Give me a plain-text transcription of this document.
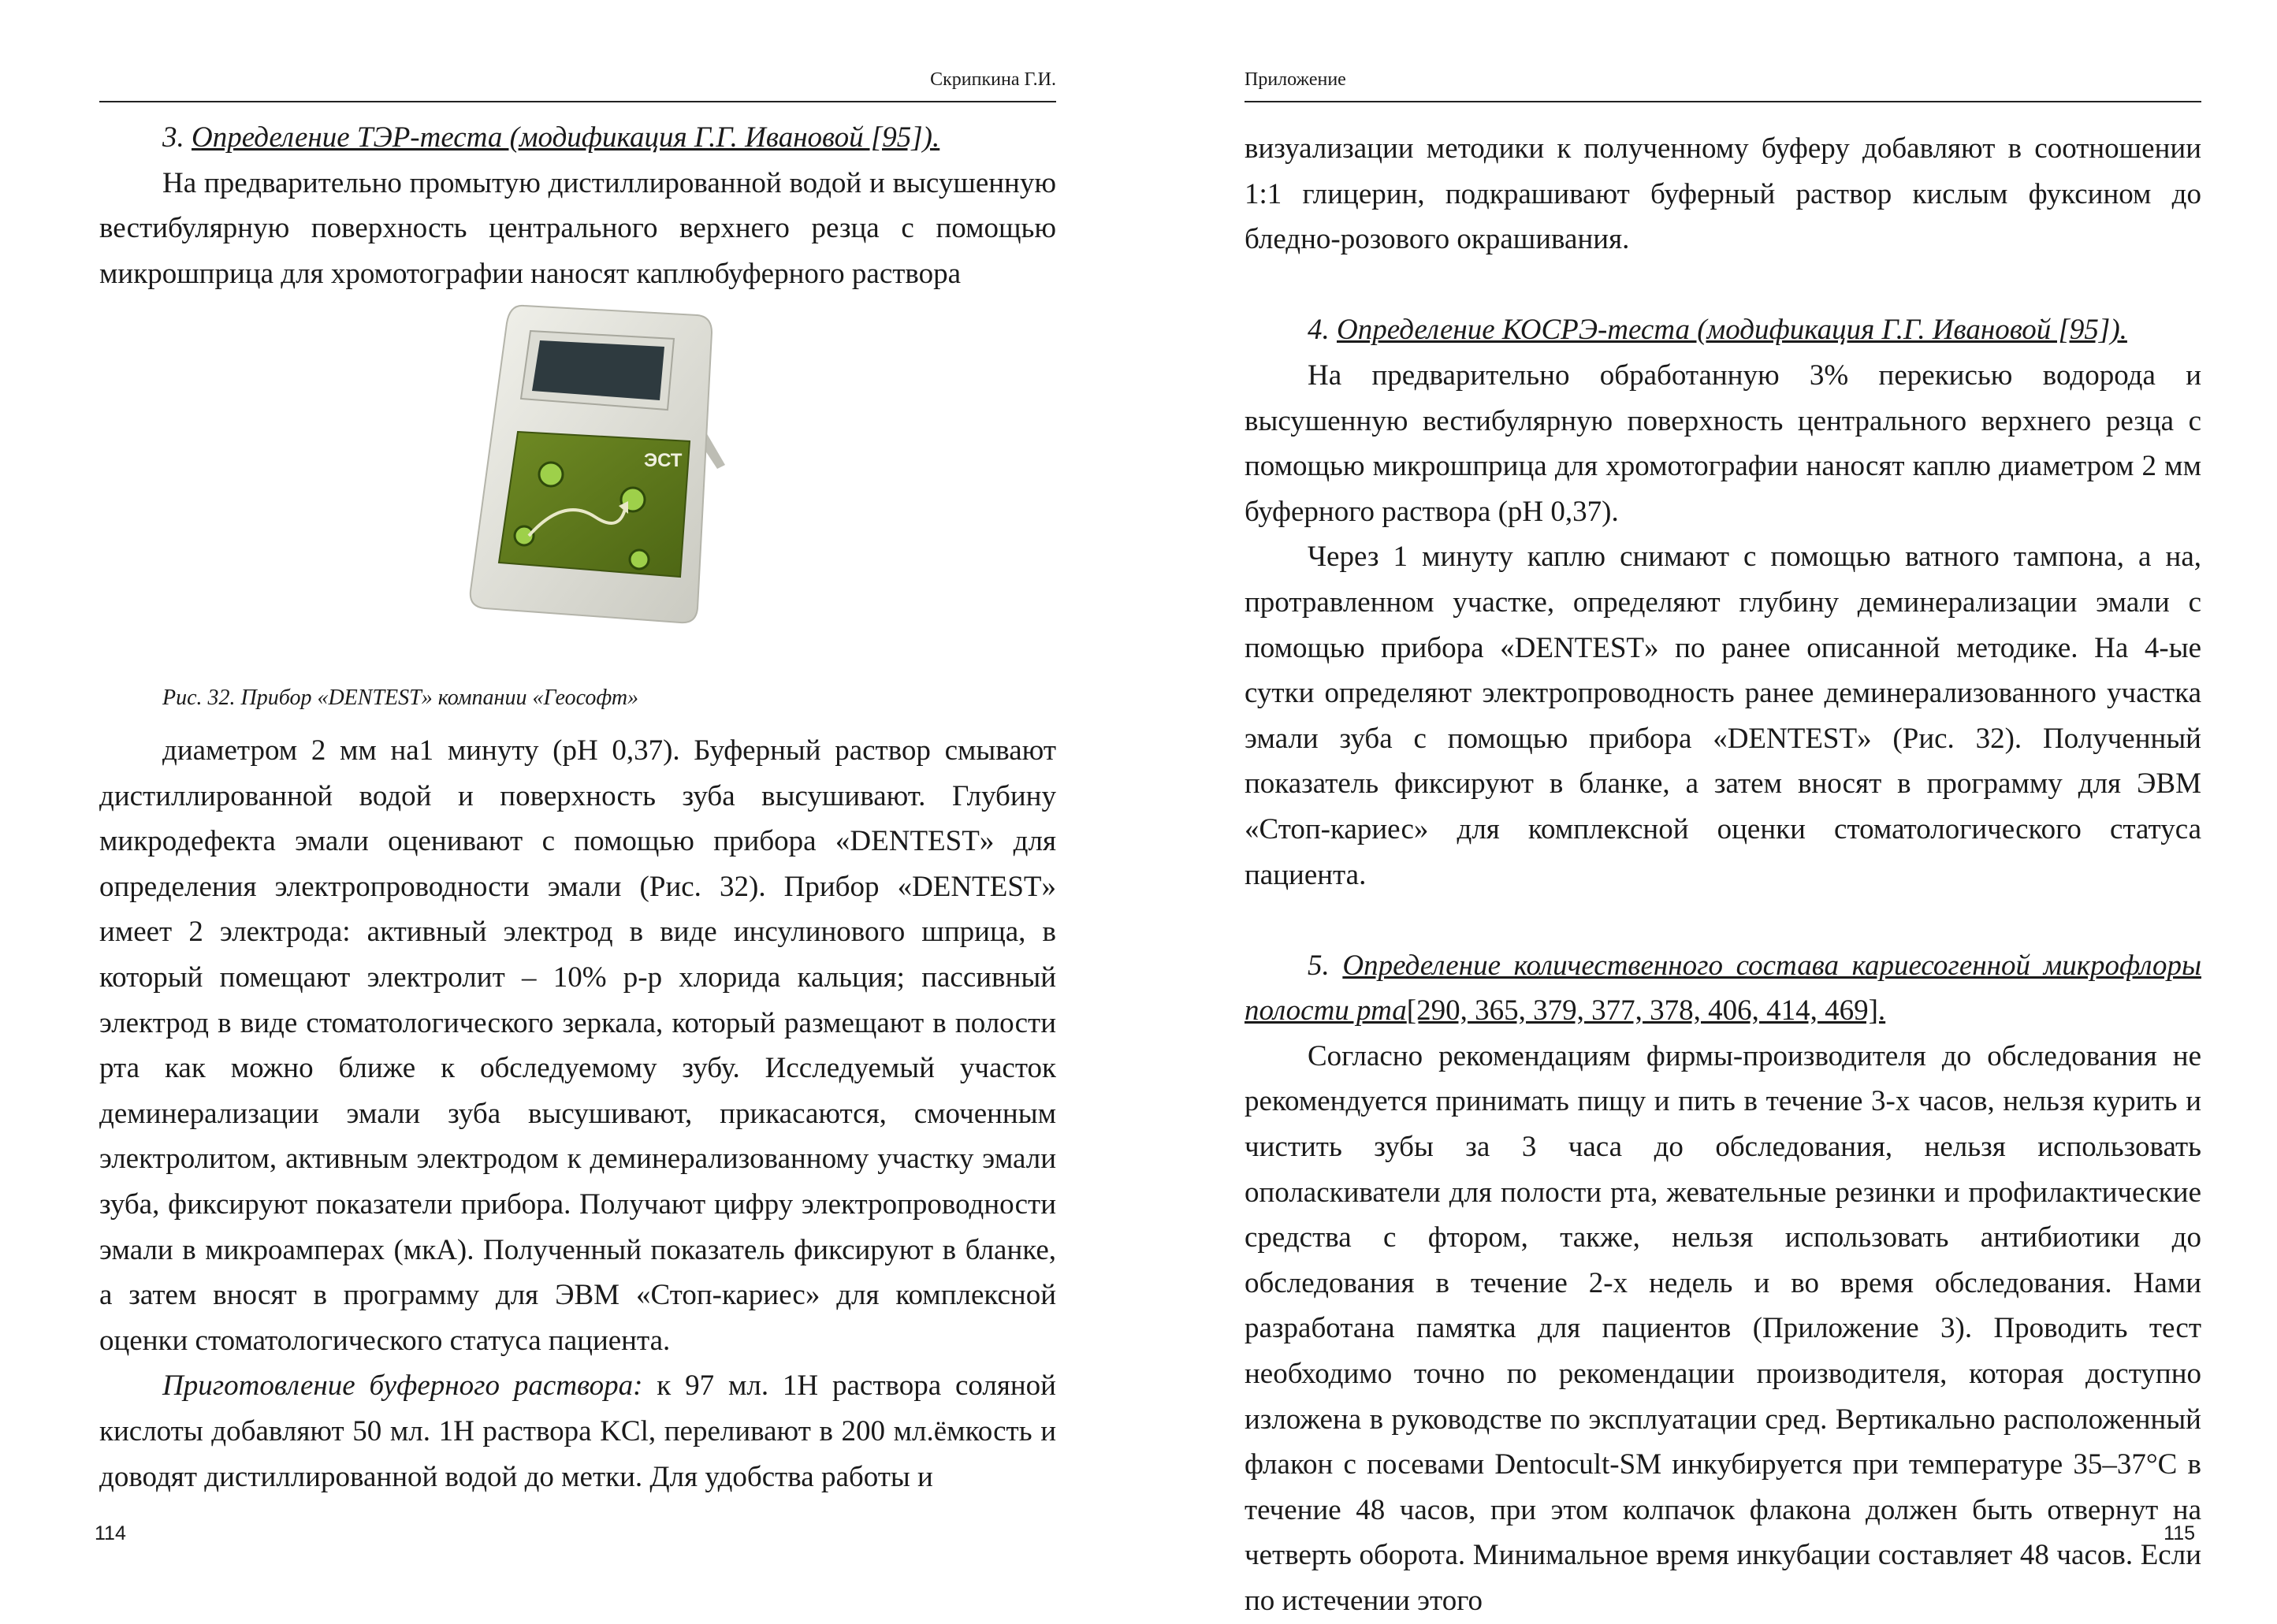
Скрипкина Г.И.

3. Определение ТЭР-теста (модификация Г.Г. Ивановой [95]).

На предварительно промытую дистиллированной водой и высушенную вестибулярную поверхность центрального верхнего резца с помощью микрошприца для хромотографии наносят каплюбуферного раствора

ЭСТ
Рис. 32. Прибор «DENTEST» компании «Геософт»

диаметром 2 мм на1 минуту (рН 0,37). Буферный раствор смывают дистиллированной водой и поверхность зуба высушивают. Глубину микродефекта эмали оценивают с помощью прибора «DENTEST» для определения электропроводности эмали (Рис. 32). Прибор «DENTEST» имеет 2 электрода: активный электрод в виде инсулинового шприца, в который помещают электролит – 10% р-р хлорида кальция; пассивный электрод в виде стоматологического зеркала, который размещают в полости рта как можно ближе к обследуемому зубу. Исследуемый участок деминерализации эмали зуба высушивают, прикасаются, смоченным электролитом, активным электродом к деминерализованному участку эмали зуба, фиксируют показатели прибора. Получают цифру электропроводности эмали в микроамперах (мкА). Полученный показатель фиксируют в бланке, а затем вносят в программу для ЭВМ «Стоп-кариес» для комплексной оценки стоматологического статуса пациента.

Приготовление буферного раствора: к 97 мл. 1Н раствора соляной кислоты добавляют 50 мл. 1Н раствора KCl, переливают в 200 мл.ёмкость и доводят дистиллированной водой до метки. Для удобства работы и

114
Приложение

визуализации методики к полученному буферу добавляют в соотношении 1:1 глицерин, подкрашивают буферный раствор кислым фуксином до бледно-розового окрашивания.

4. Определение КОСРЭ-теста (модификация Г.Г. Ивановой [95]).

На предварительно обработанную 3% перекисью водорода и высушенную вестибулярную поверхность центрального верхнего резца с помощью микрошприца для хромотографии наносят каплю диаметром 2 мм буферного раствора (рН 0,37).

Через 1 минуту каплю снимают с помощью ватного тампона, а на, протравленном участке, определяют глубину деминерализации эмали с помощью прибора «DENTEST» по ранее описанной методике. На 4-ые сутки определяют электропроводность ранее деминерализованного участка эмали зуба с помощью прибора «DENTEST» (Рис. 32). Полученный показатель фиксируют в бланке, а затем вносят в программу для ЭВМ «Стоп-кариес» для комплексной оценки стоматологического статуса пациента.

5. Определение количественного состава кариесогенной микрофлоры полости рта[290, 365, 379, 377, 378, 406, 414, 469].

Согласно рекомендациям фирмы-производителя до обследования не рекомендуется принимать пищу и пить в течение 3-х часов, нельзя курить и чистить зубы за 3 часа до обследования, нельзя использовать ополаскиватели для полости рта, жевательные резинки и профилактические средства с фтором, также, нельзя использовать антибиотики до обследования в течение 2-х недель и во время обследования. Нами разработана памятка для пациентов (Приложение 3). Проводить тест необходимо точно по рекомендации производителя, которая доступно изложена в руководстве по эксплуатации сред. Вертикально расположенный флакон с посевами Dentocult-SM инкубируется при температуре 35–37°С в течение 48 часов, при этом колпачок флакона должен быть отвернут на четверть оборота. Минимальное время инкубации составляет 48 часов. Если по истечении этого

115
